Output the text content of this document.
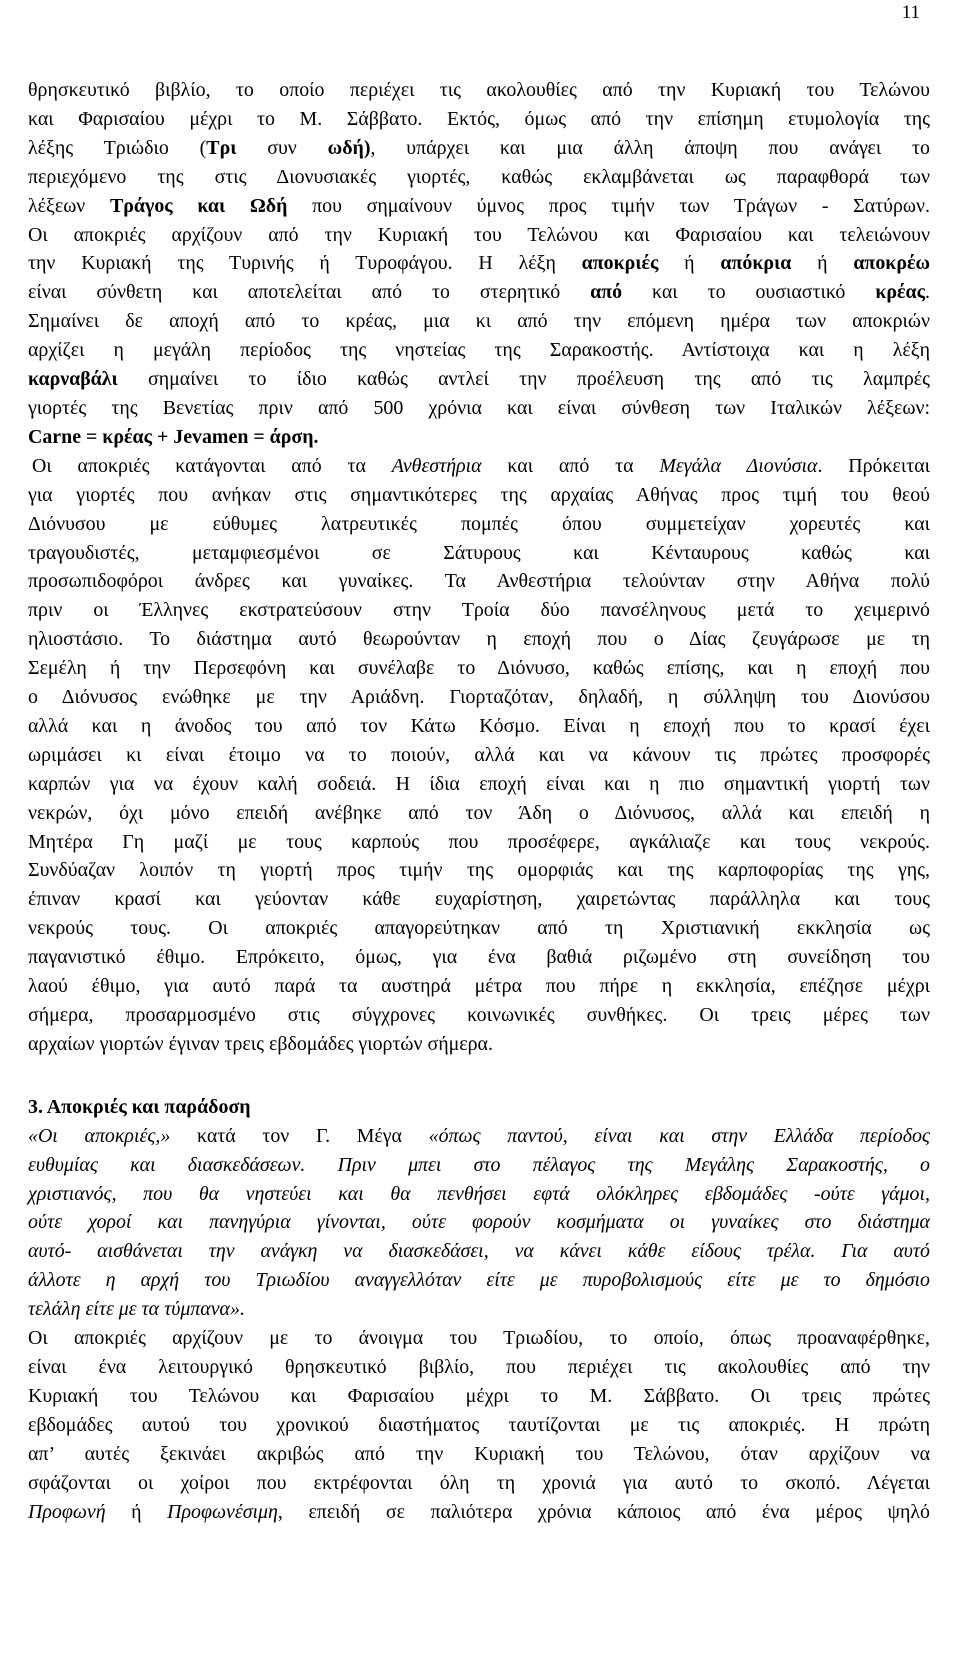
11
θρησκευτικό βιβλίο, το οποίο περιέχει τις ακολουθίες από την Κυριακή του Τελώνου
και Φαρισαίου μέχρι το Μ. Σάββατο. Εκτός, όμως από την επίσημη ετυμολογία της
λέξης Τριώδιο (Τρι συν ωδή), υπάρχει και μια άλλη άποψη που ανάγει το
περιεχόμενο της στις Διονυσιακές γιορτές, καθώς εκλαμβάνεται ως παραφθορά των
λέξεων Τράγος και Ωδή που σημαίνουν ύμνος προς τιμήν των Τράγων - Σατύρων.
Οι αποκριές αρχίζουν από την Κυριακή του Τελώνου και Φαρισαίου και τελειώνουν
την Κυριακή της Τυρινής ή Τυροφάγου. Η λέξη αποκριές ή απόκρια ή αποκρέω
είναι σύνθετη και αποτελείται από το στερητικό από και το ουσιαστικό κρέας.
Σημαίνει δε αποχή από το κρέας, μια κι από την επόμενη ημέρα των αποκριών
αρχίζει η μεγάλη περίοδος της νηστείας της Σαρακοστής. Αντίστοιχα και η λέξη
καρναβάλι σημαίνει το ίδιο καθώς αντλεί την προέλευση της από τις λαμπρές
γιορτές της Βενετίας πριν από 500 χρόνια και είναι σύνθεση των Ιταλικών λέξεων:
Carne = κρέας + Jevamen = άρση.
Οι αποκριές κατάγονται από τα Ανθεστήρια και από τα Μεγάλα Διονύσια. Πρόκειται
για γιορτές που ανήκαν στις σημαντικότερες της αρχαίας Αθήνας προς τιμή του θεού
Διόνυσου με εύθυμες λατρευτικές πομπές όπου συμμετείχαν χορευτές και
τραγουδιστές, μεταμφιεσμένοι σε Σάτυρους και Κένταυρους καθώς και
προσωπιδοφόροι άνδρες και γυναίκες. Τα Ανθεστήρια τελούνταν στην Αθήνα πολύ
πριν οι Έλληνες εκστρατεύσουν στην Τροία δύο πανσέληνους μετά το χειμερινό
ηλιοστάσιο. Το διάστημα αυτό θεωρούνταν η εποχή που ο Δίας ζευγάρωσε με τη
Σεμέλη ή την Περσεφόνη και συνέλαβε το Διόνυσο, καθώς επίσης, και η εποχή που
ο Διόνυσος ενώθηκε με την Αριάδνη. Γιορταζόταν, δηλαδή, η σύλληψη του Διονύσου
αλλά και η άνοδος του από τον Κάτω Κόσμο. Είναι η εποχή που το κρασί έχει
ωριμάσει κι είναι έτοιμο να το ποιούν, αλλά και να κάνουν τις πρώτες προσφορές
καρπών για να έχουν καλή σοδειά. Η ίδια εποχή είναι και η πιο σημαντική γιορτή των
νεκρών, όχι μόνο επειδή ανέβηκε από τον Άδη ο Διόνυσος, αλλά και επειδή η
Μητέρα Γη μαζί με τους καρπούς που προσέφερε, αγκάλιαζε και τους νεκρούς.
Συνδύαζαν λοιπόν τη γιορτή προς τιμήν της ομορφιάς και της καρποφορίας της γης,
έπιναν κρασί και γεύονταν κάθε ευχαρίστηση, χαιρετώντας παράλληλα και τους
νεκρούς τους. Οι αποκριές απαγορεύτηκαν από τη Χριστιανική εκκλησία ως
παγανιστικό έθιμο. Επρόκειτο, όμως, για ένα βαθιά ριζωμένο στη συνείδηση του
λαού έθιμο, για αυτό παρά τα αυστηρά μέτρα που πήρε η εκκλησία, επέζησε μέχρι
σήμερα, προσαρμοσμένο στις σύγχρονες κοινωνικές συνθήκες. Οι τρεις μέρες των
αρχαίων γιορτών έγιναν τρεις εβδομάδες γιορτών σήμερα.
3. Αποκριές και παράδοση
«Οι αποκριές,» κατά τον Γ. Μέγα «όπως παντού, είναι και στην Ελλάδα περίοδος
ευθυμίας και διασκεδάσεων. Πριν μπει στο πέλαγος της Μεγάλης Σαρακοστής, ο
χριστιανός, που θα νηστεύει και θα πενθήσει εφτά ολόκληρες εβδομάδες -ούτε γάμοι,
ούτε χοροί και πανηγύρια γίνονται, ούτε φορούν κοσμήματα οι γυναίκες στο διάστημα
αυτό- αισθάνεται την ανάγκη να διασκεδάσει, να κάνει κάθε είδους τρέλα. Για αυτό
άλλοτε η αρχή του Τριωδίου αναγγελλόταν είτε με πυροβολισμούς είτε με το δημόσιο
τελάλη είτε με τα τύμπανα».
Οι αποκριές αρχίζουν με το άνοιγμα του Τριωδίου, το οποίο, όπως προαναφέρθηκε,
είναι ένα λειτουργικό θρησκευτικό βιβλίο, που περιέχει τις ακολουθίες από την
Κυριακή του Τελώνου και Φαρισαίου μέχρι το Μ. Σάββατο. Οι τρεις πρώτες
εβδομάδες αυτού του χρονικού διαστήματος ταυτίζονται με τις αποκριές. Η πρώτη
απ’ αυτές ξεκινάει ακριβώς από την Κυριακή του Τελώνου, όταν αρχίζουν να
σφάζονται οι χοίροι που εκτρέφονται όλη τη χρονιά για αυτό το σκοπό. Λέγεται
Προφωνή ή Προφωνέσιμη, επειδή σε παλιότερα χρόνια κάποιος από ένα μέρος ψηλό
